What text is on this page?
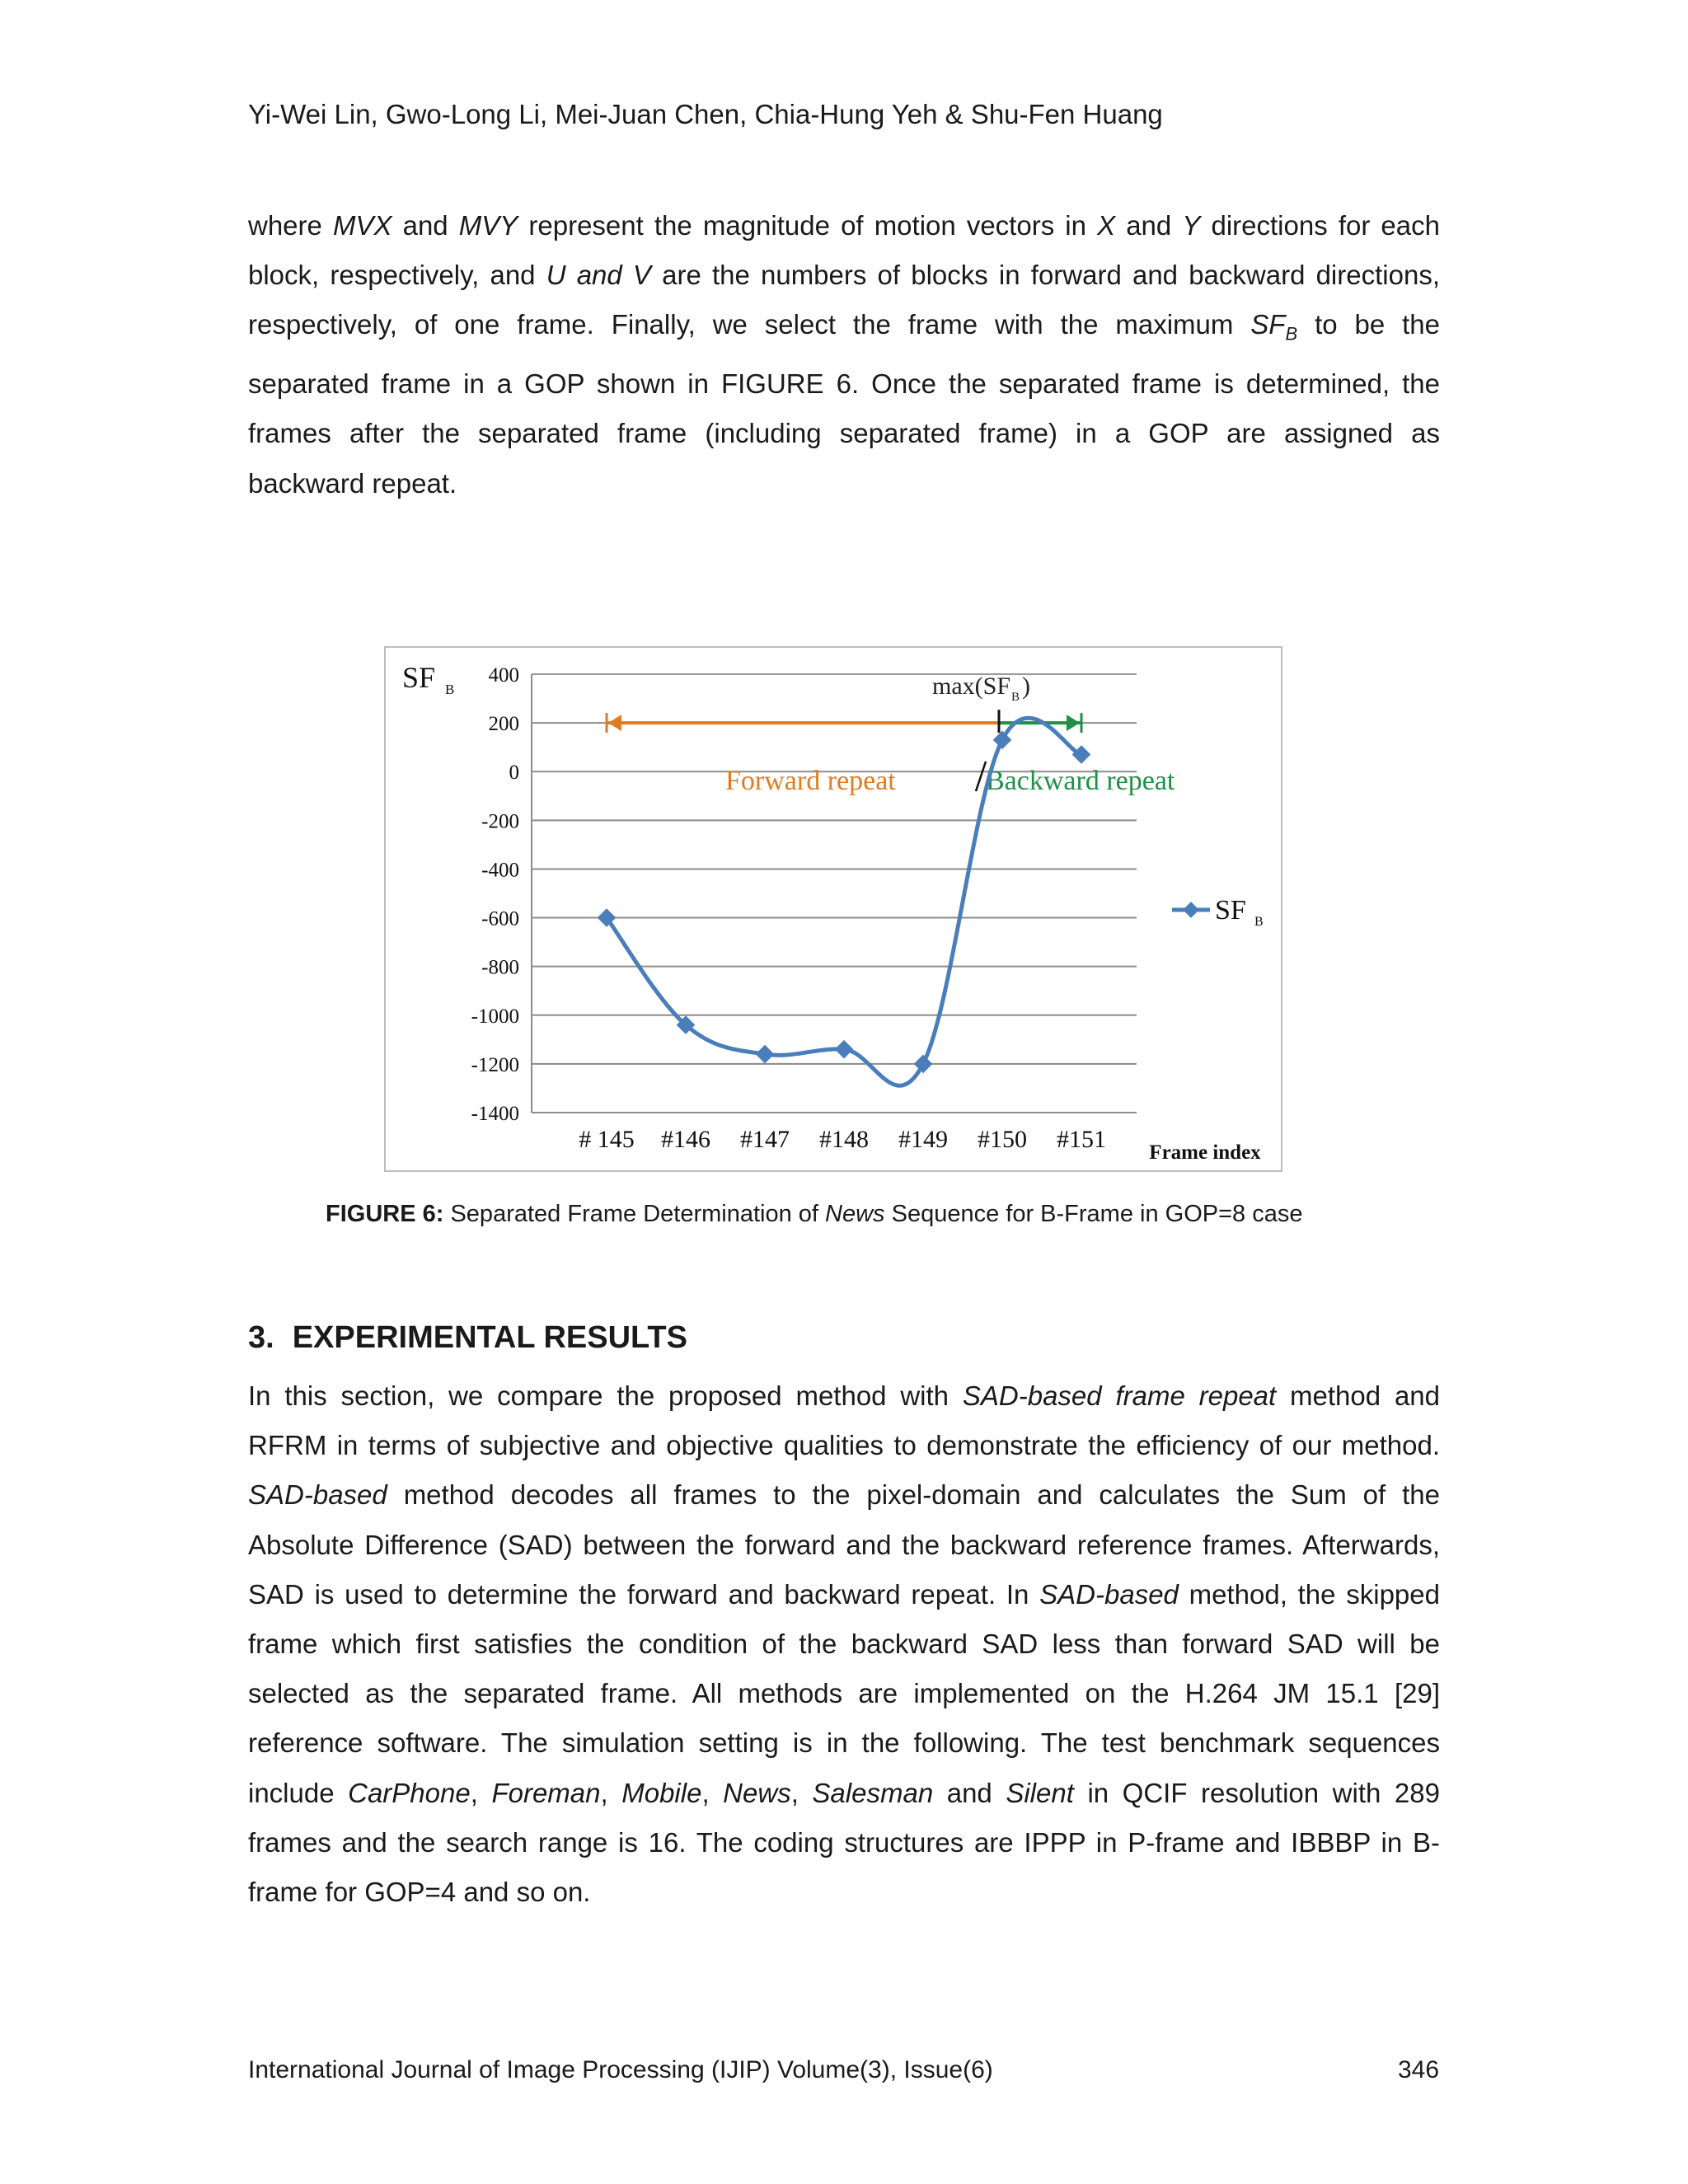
Yi-Wei Lin, Gwo-Long Li, Mei-Juan Chen, Chia-Hung Yeh & Shu-Fen Huang
where MVX and MVY represent the magnitude of motion vectors in X and Y directions for each
block, respectively, and U and V are the numbers of blocks in forward and backward directions,
respectively, of one frame. Finally, we select the frame with the maximum $SF_B$ to be the
separated frame in a GOP shown in FIGURE 6. Once the separated frame is determined, the
frames after the separated frame (including separated frame) in a GOP are assigned as
backward repeat.
400
200
0
-200
-400
-600
-800
-1000
-1200
-1400
SF B
# 145 #146 #147 #148 #149 #150 #151 Frame index
max(SF B )
Forward repeat	Backward repeat
SF B
FIGURE 6: Separated Frame Determination of News Sequence for B-Frame in GOP=8 case
3. EXPERIMENTAL RESULTS
In this section, we compare the proposed method with SAD-based frame repeat method and
RFRM in terms of subjective and objective qualities to demonstrate the efficiency of our method.
SAD-based method decodes all frames to the pixel-domain and calculates the Sum of the
Absolute Difference (SAD) between the forward and the backward reference frames. Afterwards,
SAD is used to determine the forward and backward repeat. In SAD-based method, the skipped
frame which first satisfies the condition of the backward SAD less than forward SAD will be
selected as the separated frame. All methods are implemented on the H.264 JM 15.1 [29]
reference software. The simulation setting is in the following. The test benchmark sequences
include CarPhone, Foreman, Mobile, News, Salesman and Silent in QCIF resolution with 289
frames and the search range is 16. The coding structures are IPPP in P-frame and IBBBP in B-
frame for GOP=4 and so on.
International Journal of Image Processing (IJIP) Volume(3), Issue(6)	346
